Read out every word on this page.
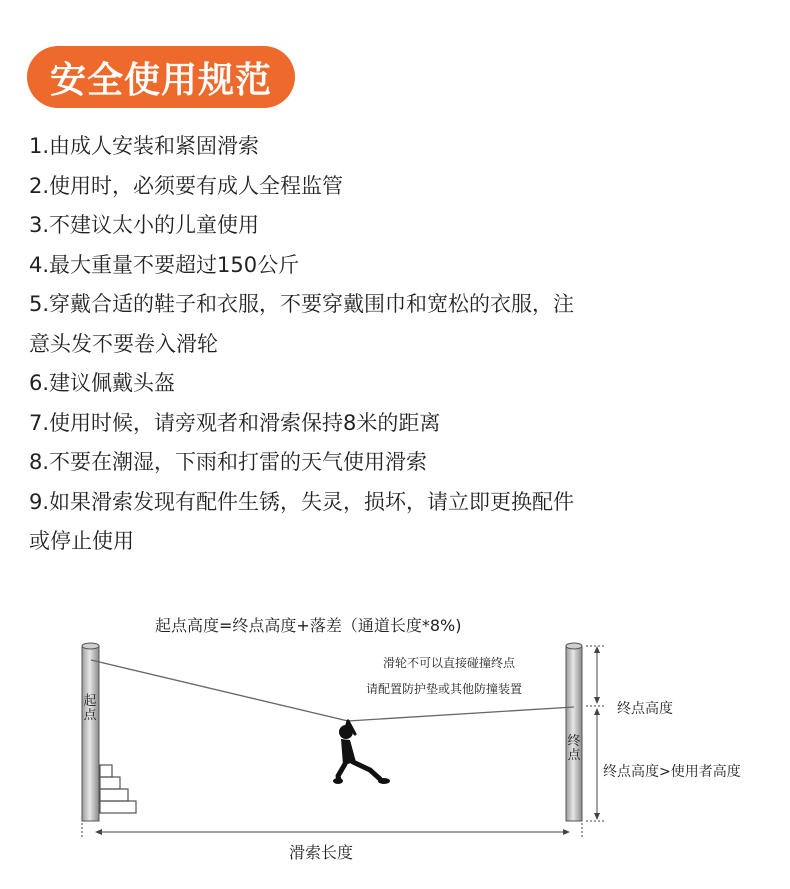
安全使用规范
1.由成人安装和紧固滑索
2.使用时，必须要有成人全程监管
3.不建议太小的儿童使用
4.最大重量不要超过150公斤
5.穿戴合适的鞋子和衣服，不要穿戴围巾和宽松的衣服，注
意头发不要卷入滑轮
6.建议佩戴头盔
7.使用时候，请旁观者和滑索保持8米的距离
8.不要在潮湿，下雨和打雷的天气使用滑索
9.如果滑索发现有配件生锈，失灵，损坏，请立即更换配件
或停止使用
起点高度=终点高度+落差（通道长度*8%)
滑轮不可以直接碰撞终点
请配置防护垫或其他防撞装置
终点高度
终点高度>使用者高度
滑索长度
起点
终点
